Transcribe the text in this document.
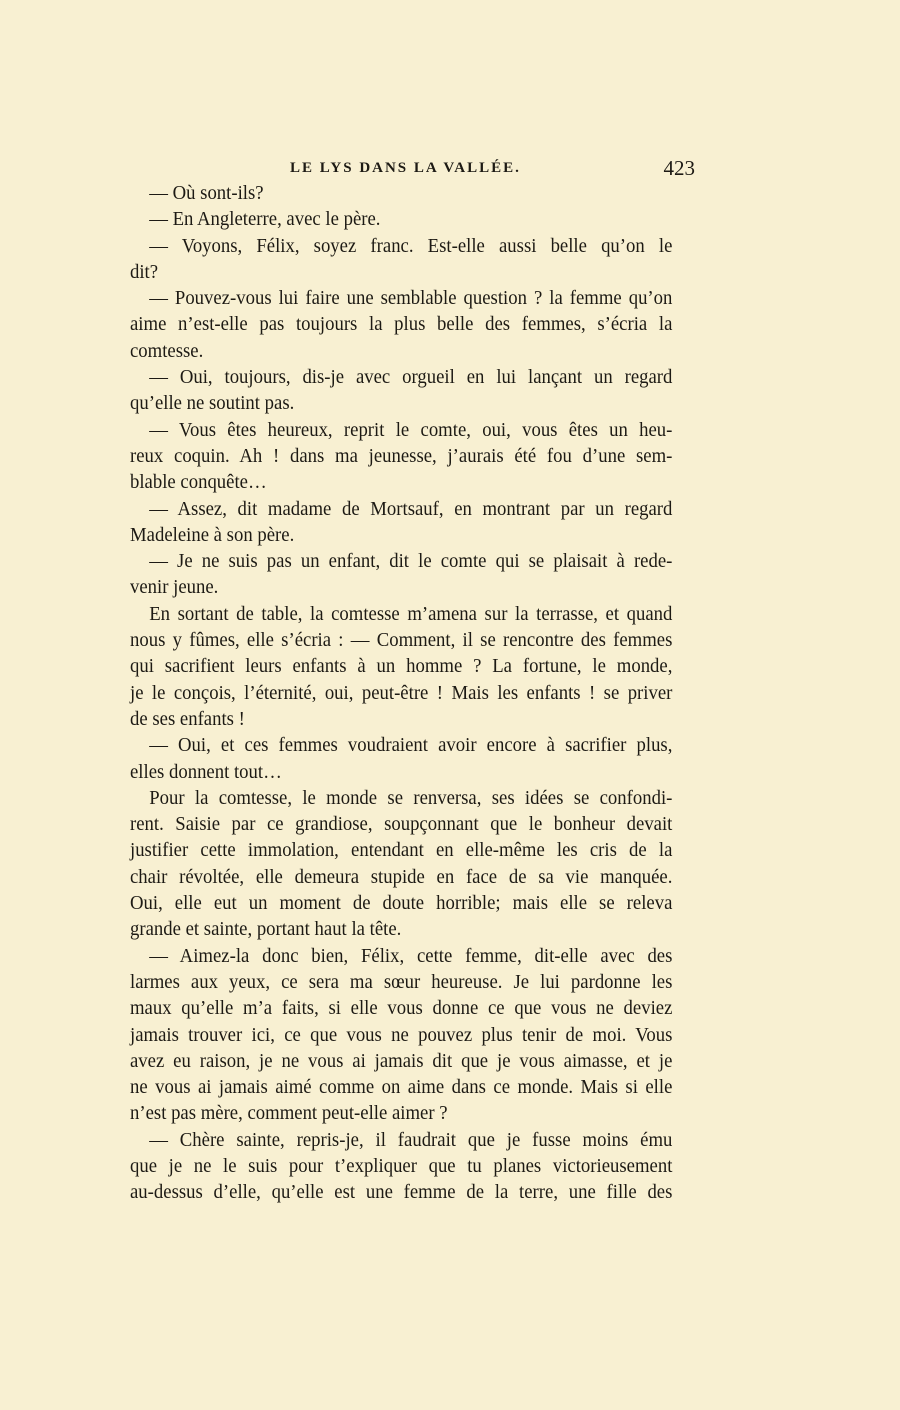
LE LYS DANS LA VALLÉE.	423
— Où sont-ils?
— En Angleterre, avec le père.
— Voyons, Félix, soyez franc. Est-elle aussi belle qu’on le
dit?
— Pouvez-vous lui faire une semblable question ? la femme qu’on
aime n’est-elle pas toujours la plus belle des femmes, s’écria la
comtesse.
— Oui, toujours, dis-je avec orgueil en lui lançant un regard
qu’elle ne soutint pas.
— Vous êtes heureux, reprit le comte, oui, vous êtes un heu-
reux coquin. Ah ! dans ma jeunesse, j’aurais été fou d’une sem-
blable conquête…
— Assez, dit madame de Mortsauf, en montrant par un regard
Madeleine à son père.
— Je ne suis pas un enfant, dit le comte qui se plaisait à rede-
venir jeune.
En sortant de table, la comtesse m’amena sur la terrasse, et quand
nous y fûmes, elle s’écria : — Comment, il se rencontre des femmes
qui sacrifient leurs enfants à un homme ? La fortune, le monde,
je le conçois, l’éternité, oui, peut-être ! Mais les enfants ! se priver
de ses enfants !
— Oui, et ces femmes voudraient avoir encore à sacrifier plus,
elles donnent tout…
Pour la comtesse, le monde se renversa, ses idées se confondi-
rent. Saisie par ce grandiose, soupçonnant que le bonheur devait
justifier cette immolation, entendant en elle-même les cris de la
chair révoltée, elle demeura stupide en face de sa vie manquée.
Oui, elle eut un moment de doute horrible; mais elle se releva
grande et sainte, portant haut la tête.
— Aimez-la donc bien, Félix, cette femme, dit-elle avec des
larmes aux yeux, ce sera ma sœur heureuse. Je lui pardonne les
maux qu’elle m’a faits, si elle vous donne ce que vous ne deviez
jamais trouver ici, ce que vous ne pouvez plus tenir de moi. Vous
avez eu raison, je ne vous ai jamais dit que je vous aimasse, et je
ne vous ai jamais aimé comme on aime dans ce monde. Mais si elle
n’est pas mère, comment peut-elle aimer ?
— Chère sainte, repris-je, il faudrait que je fusse moins ému
que je ne le suis pour t’expliquer que tu planes victorieusement
au-dessus d’elle, qu’elle est une femme de la terre, une fille des
